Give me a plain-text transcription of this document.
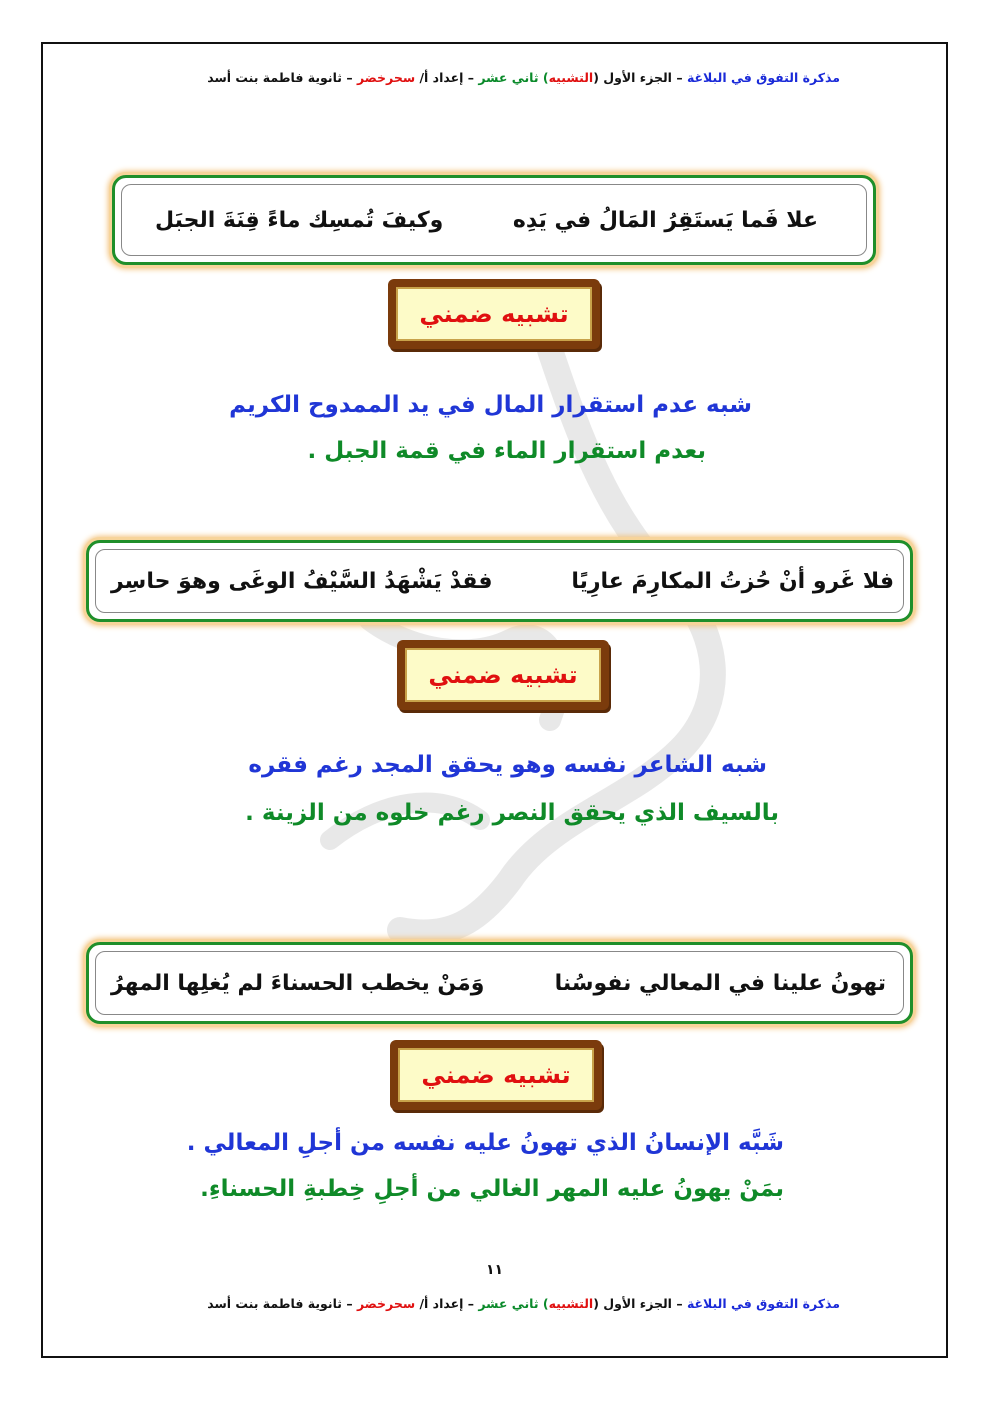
مذكرة التفوق في البلاغة – الجزء الأول (التشبيه) ثاني عشر – إعداد أ/ سحرخضر – ثانوية فاطمة بنت أسد
علا فَما يَستَقِرُ المَالُ في يَدِه
وكيفَ تُمسِك ماءً قِنَةَ الجبَل
تشبيه ضمني
شبه عدم استقرار المال في يد الممدوح الكريم
بعدم استقرار الماء في قمة الجبل .
فلا غَرو أنْ حُزتُ المكارِمَ عارِيًا
فقدْ يَشْهَدُ السَّيْفُ الوغَى وهوَ حاسِر
تشبيه ضمني
شبه الشاعر نفسه وهو يحقق المجد رغم فقره
بالسيف الذي يحقق النصر رغم خلوه من الزينة .
تهونُ علينا في المعالي نفوسُنا
وَمَنْ يخطب الحسناءَ لم يُغلِها المهرُ
تشبيه ضمني
شَبَّه الإنسانُ الذي تهونُ عليه نفسه من أجلِ المعالي .
بمَنْ يهونُ عليه المهر الغالي من أجلِ خِطبةِ الحسناءِ.
١١
مذكرة التفوق في البلاغة – الجزء الأول (التشبيه) ثاني عشر – إعداد أ/ سحرخضر – ثانوية فاطمة بنت أسد
